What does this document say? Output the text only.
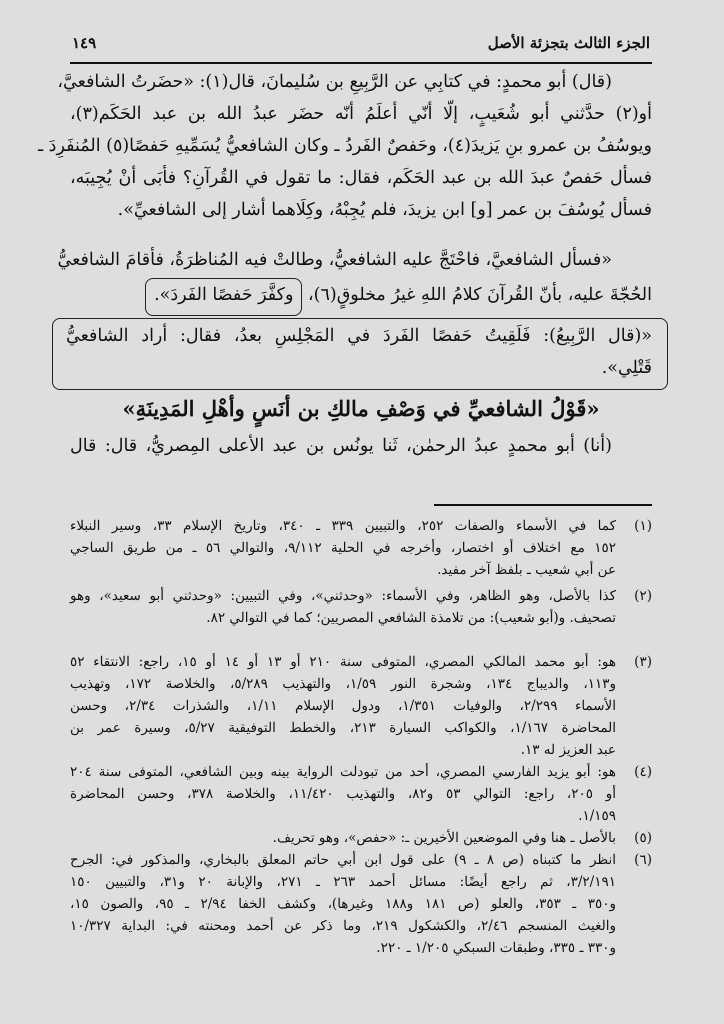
الجزء الثالث بتجزئة الأصل
١٤٩
(قال) أبو محمدٍ: في كتابِي عن الرَّبِيعِ بن سُليمانَ، قال(١): «حضَرتُ الشافعيَّ،
أو(٢) حدَّثني أبو شُعَيبٍ، إلّا أنّي أعلَمُ أنّه حضَر عبدُ الله بن عبد الحَكَم(٣)،
ويوسُفُ بن عمرو بنِ يَزيدَ(٤)، وحَفصٌ الفَردُ ـ وكان الشافعيُّ يُسَمِّيهِ حَفصًا(٥) المُنفَرِدَ ـ
فسأل حَفصٌ عبدَ الله بن عبد الحَكَم، فقال: ما تقول في القُرآنِ؟ فأبَى أنْ يُجِيبَه،
فسأل يُوسُفَ بن عمر [و] ابن يزيدَ، فلم يُجِبْهُ، وكِلَاهما أشار إلى الشافعيِّ».
«فسأل الشافعيَّ، فاحْتَجَّ عليه الشافعيُّ، وطالتْ فيه المُناظرَةُ، فأقامَ الشافعيُّ
الحُجّةَ عليه، بأنّ القُرآنَ كلامُ اللهِ غيرُ مخلوقٍ(٦)، وكفَّرَ حَفصًا الفَردَ».
«(قال الرَّبِيعُ): فَلَقِيتُ حَفصًا الفَردَ في المَجْلِسِ بعدُ، فقال: أراد الشافعيُّ
قَتْلِي».
«قَوْلُ الشافعيِّ في وَصْفِ مالكِ بن أنَسٍ وأهْلِ المَدِينَةِ»
(أنا) أبو محمدٍ عبدُ الرحمٰن، ثَنا يونُس بن عبد الأعلى المِصريُّ، قال: قال
(١)
كما في الأسماء والصفات ٢٥٢، والتبيين ٣٣٩ ـ ٣٤٠، وتاريخ الإسلام ٣٣، وسير النبلاء
١٥٢ مع اختلاف أو اختصار، وأخرجه في الحلية ٩/١١٢، والتوالي ٥٦ ـ من طريق الساجي
عن أبي شعيب ـ بلفظ آخر مفيد.
(٢)
كذا بالأصل، وهو الظاهر، وفي الأسماء: «وحدثني»، وفي التبيين: «وحدثني أبو سعيد»، وهو
تصحيف. و(أبو شعيب): من تلامذة الشافعي المصريين؛ كما في التوالي ٨٢.
(٣)
هو: أبو محمد المالكي المصري، المتوفى سنة ٢١٠ أو ١٣ أو ١٤ أو ١٥، راجع: الانتقاء ٥٢
و١١٣، والديباج ١٣٤، وشجرة النور ١/٥٩، والتهذيب ٥/٢٨٩، والخلاصة ١٧٢، وتهذيب
الأسماء ٢/٢٩٩، والوفيات ١/٣٥١، ودول الإسلام ١/١١، والشذرات ٢/٣٤، وحسن
المحاضرة ١/١٦٧، والكواكب السيارة ٢١٣، والخطط التوفيقية ٥/٢٧، وسيرة عمر بن
عبد العزيز له ١٣.
(٤)
هو: أبو يزيد الفارسي المصري، أحد من تبودلت الرواية بينه وبين الشافعي، المتوفى سنة ٢٠٤
أو ٢٠٥، راجع: التوالي ٥٣ و٨٢، والتهذيب ١١/٤٢٠، والخلاصة ٣٧٨، وحسن المحاضرة
١/١٥٩.
(٥)
بالأصل ـ هنا وفي الموضعين الأخيرين ـ: «حفص»، وهو تحريف.
(٦)
انظر ما كتبناه (ص ٨ ـ ٩) على قول ابن أبي حاتم المعلق بالبخاري، والمذكور في: الجرح
٣/٢/١٩١، ثم راجع أيضًا: مسائل أحمد ٢٦٣ ـ ٢٧١، والإبانة ٢٠ و٣١، والتبيين ١٥٠
و٣٥٠ ـ ٣٥٣، والعلو (ص ١٨١ و١٨٨ وغيرها)، وكشف الخفا ٢/٩٤ ـ ٩٥، والصون ١٥،
والغيث المنسجم ٢/٤٦، والكشكول ٢١٩، وما ذكر عن أحمد ومحنته في: البداية ١٠/٣٢٧
و٣٣٠ ـ ٣٣٥، وطبقات السبكي ١/٢٠٥ ـ ٢٢٠.
